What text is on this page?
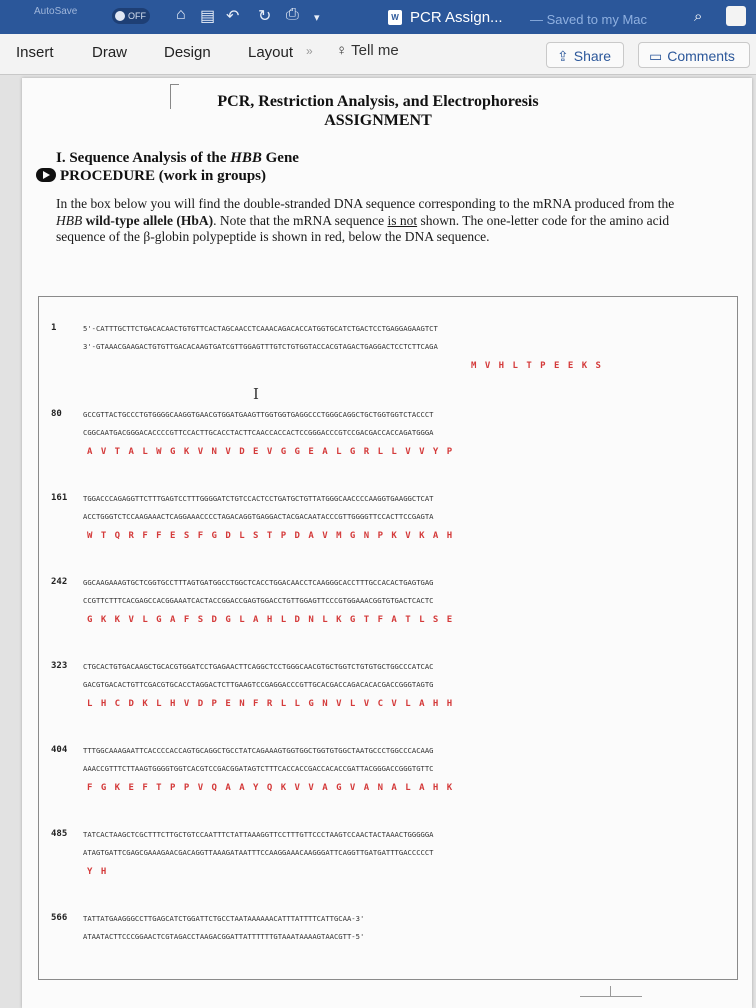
AutoSave	OFF ⌂ ▤ ↶ ↻ ⎙ ▾	W PCR Assign... — Saved to my Mac	⌕
Insert	Draw Design Layout » ♀ Tell me	⇪ Share	▭ Comments
PCR, Restriction Analysis, and Electrophoresis
ASSIGNMENT
I. Sequence Analysis of the HBB Gene
PROCEDURE (work in groups)
In the box below you will find the double-stranded DNA sequence corresponding to the mRNA produced from the HBB wild-type allele (HbA). Note that the mRNA sequence is not shown. The one-letter code for the amino acid sequence of the β-globin polypeptide is shown in red, below the DNA sequence.
I
1	5'-CATTTGCTTCTGACACAACTGTGTTCACTAGCAACCTCAAACAGACACCATGGTGCATCTGACTCCTGAGGAGAAGTCT
3'-GTAAACGAAGACTGTGTTGACACAAGTGATCGTTGGAGTTTGTCTGTGGTACCACGTAGACTGAGGACTCCTCTTCAGA
M V H L T P E E K S
80	GCCGTTACTGCCCTGTGGGGCAAGGTGAACGTGGATGAAGTTGGTGGTGAGGCCCTGGGCAGGCTGCTGGTGGTCTACCCT
CGGCAATGACGGGACACCCCGTTCCACTTGCACCTACTTCAACCACCACTCCGGGACCCGTCCGACGACCACCAGATGGGA
A V T A L W G K V N V D E V G G E A L G R L L V V Y P
161 TGGACCCAGAGGTTCTTTGAGTCCTTTGGGGATCTGTCCACTCCTGATGCTGTTATGGGCAACCCCAAGGTGAAGGCTCAT
ACCTGGGTCTCCAAGAAACTCAGGAAACCCCTAGACAGGTGAGGACTACGACAATACCCGTTGGGGTTCCACTTCCGAGTA
W T Q R F F E S F G D L S T P D A V M G N P K V K A H
242 GGCAAGAAAGTGCTCGGTGCCTTTAGTGATGGCCTGGCTCACCTGGACAACCTCAAGGGCACCTTTGCCACACTGAGTGAG
CCGTTCTTTCACGAGCCACGGAAATCACTACCGGACCGAGTGGACCTGTTGGAGTTCCCGTGGAAACGGTGTGACTCACTC
G K K V L G A F S D G L A H L D N L K G T F A T L S E
323 CTGCACTGTGACAAGCTGCACGTGGATCCTGAGAACTTCAGGCTCCTGGGCAACGTGCTGGTCTGTGTGCTGGCCCATCAC
GACGTGACACTGTTCGACGTGCACCTAGGACTCTTGAAGTCCGAGGACCCGTTGCACGACCAGACACACGACCGGGTAGTG
L H C D K L H V D P E N F R L L G N V L V C V L A H H
404 TTTGGCAAAGAATTCACCCCACCAGTGCAGGCTGCCTATCAGAAAGTGGTGGCTGGTGTGGCTAATGCCCTGGCCCACAAG
AAACCGTTTCTTAAGTGGGGTGGTCACGTCCGACGGATAGTCTTTCACCACCGACCACACCGATTACGGGACCGGGTGTTC
F G K E F T P P V Q A A Y Q K V V A G V A N A L A H K
485 TATCACTAAGCTCGCTTTCTTGCTGTCCAATTTCTATTAAAGGTTCCTTTGTTCCCTAAGTCCAACTACTAAACTGGGGGA
ATAGTGATTCGAGCGAAAGAACGACAGGTTAAAGATAATTTCCAAGGAAACAAGGGATTCAGGTTGATGATTTGACCCCCT
Y H
566 TATTATGAAGGGCCTTGAGCATCTGGATTCTGCCTAATAAAAAACATTTATTTTCATTGCAA-3'
ATAATACTTCCCGGAACTCGTAGACCTAAGACGGATTATTTTTTGTAAATAAAAGTAACGTT-5'
